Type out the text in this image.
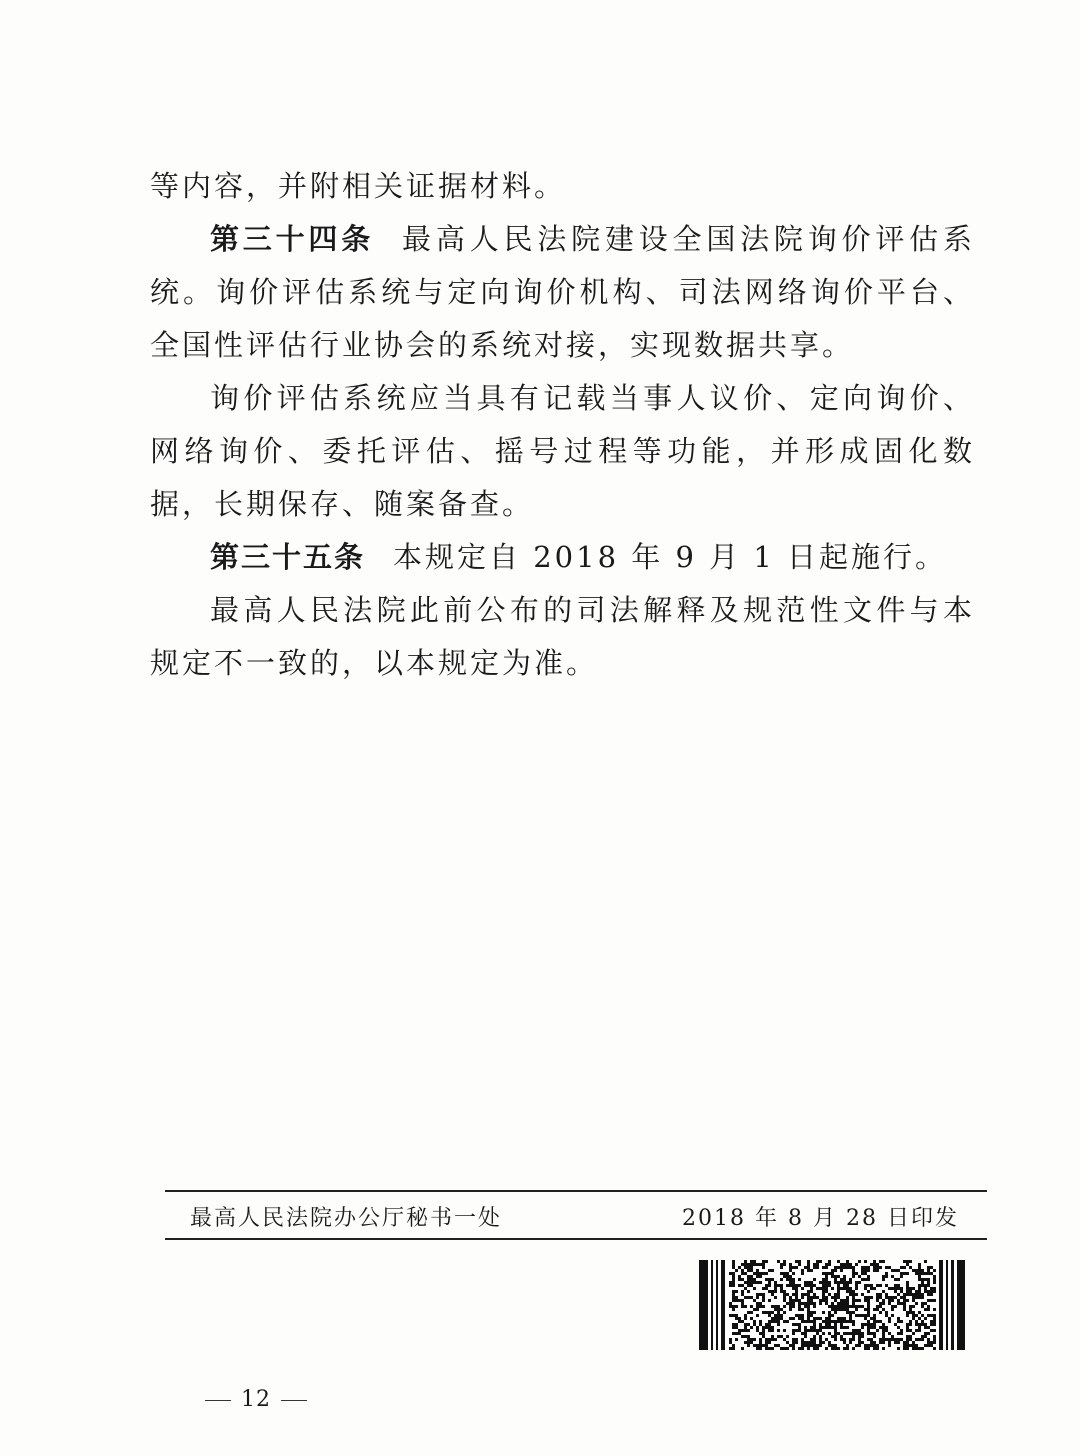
等内容，并附相关证据材料。

第三十四条 最高人民法院建设全国法院询价评估系统。询价评估系统与定向询价机构、司法网络询价平台、全国性评估行业协会的系统对接，实现数据共享。

询价评估系统应当具有记载当事人议价、定向询价、网络询价、委托评估、摇号过程等功能，并形成固化数据，长期保存、随案备查。

第三十五条 本规定自 2018 年 9 月 1 日起施行。

最高人民法院此前公布的司法解释及规范性文件与本规定不一致的，以本规定为准。

最高人民法院办公厅秘书一处	2018 年 8 月 28 日印发
12
